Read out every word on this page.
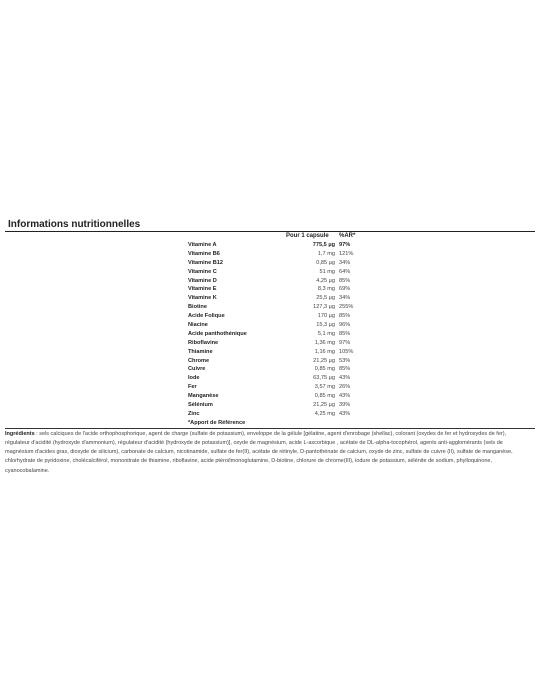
Informations nutritionnelles
Pour 1 capsule %AR*
Vitamine A	775,5 µg 97%
Vitamine B6	1,7 mg 121%
Vitamine B12	0,85 µg 34%
Vitamine C	51 mg 64%
Vitamine D	4,25 µg 85%
Vitamine E	8,3 mg 69%
Vitamine K	25,5 µg 34%
Biotine	127,3 µg 255%
Acide Folique	170 µg 85%
Niacine	15,3 µg 96%
Acide panthothénique	5,1 mg 85%
Riboflavine	1,36 mg 97%
Thiamine	1,16 mg 105%
Chrome	21,25 µg 53%
Cuivre	0,85 mg 85%
Iode	63,75 µg 43%
Fer	3,57 mg 26%
Manganèse	0,85 mg 43%
Sélénium	21,25 µg 39%
Zinc	4,25 mg 43%
*Apport de Référence
Ingrédients : sels calciques de l'acide orthophosphorique, agent de charge (sulfate de potassium), enveloppe de la gélule [gélatine, agent d'enrobage (shellac), colorant (oxydes de fer et hydroxydes de fer), régulateur d'acidité (hydroxyde d'ammonium), régulateur d'acidité (hydroxyde de potassium)], oxyde de magnésium, acide L-ascorbique , acétate de DL-alpha-tocophérol, agents anti-agglomérants (sels de magnésium d'acides gras, dioxyde de silicium), carbonate de calcium, nicotinamide, sulfate de fer(II), acétate de rétinyle, D-pantothénate de calcium, oxyde de zinc, sulfate de cuivre (II), sulfate de manganèse, chlorhydrate de pyridoxine, cholécalciférol, mononitrate de thiamine, riboflavine, acide ptéroïlmonoglutamine, D-biotine, chlorure de chrome(III), iodure de potassium, sélénite de sodium, phylloquinone, cyanocobalamine.
